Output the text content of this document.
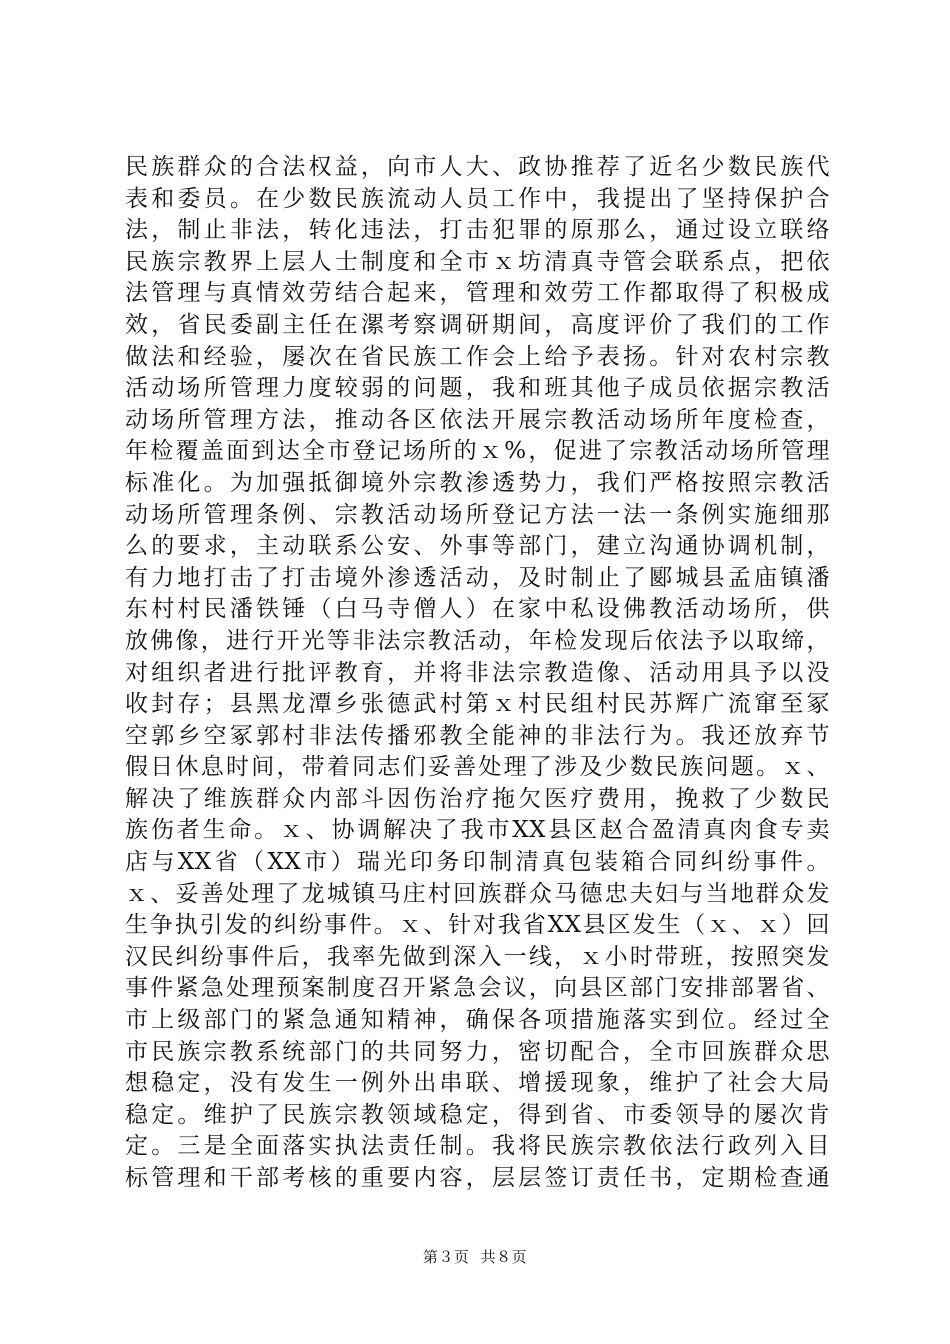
民族群众的合法权益，向市人大、政协推荐了近名少数民族代
表和委员。在少数民族流动人员工作中，我提出了坚持保护合
法，制止非法，转化违法，打击犯罪的原那么，通过设立联络
民族宗教界上层人士制度和全市ｘ坊清真寺管会联系点，把依
法管理与真情效劳结合起来，管理和效劳工作都取得了积极成
效，省民委副主任在漯考察调研期间，高度评价了我们的工作
做法和经验，屡次在省民族工作会上给予表扬。针对农村宗教
活动场所管理力度较弱的问题，我和班其他子成员依据宗教活
动场所管理方法，推动各区依法开展宗教活动场所年度检查，
年检覆盖面到达全市登记场所的ｘ%，促进了宗教活动场所管理
标准化。为加强抵御境外宗教渗透势力，我们严格按照宗教活
动场所管理条例、宗教活动场所登记方法一法一条例实施细那
么的要求，主动联系公安、外事等部门，建立沟通协调机制，
有力地打击了打击境外渗透活动，及时制止了郾城县孟庙镇潘
东村村民潘铁锤（白马寺僧人）在家中私设佛教活动场所，供
放佛像，进行开光等非法宗教活动，年检发现后依法予以取缔，
对组织者进行批评教育，并将非法宗教造像、活动用具予以没
收封存；县黑龙潭乡张德武村第ｘ村民组村民苏辉广流窜至冢
空郭乡空冢郭村非法传播邪教全能神的非法行为。我还放弃节
假日休息时间，带着同志们妥善处理了涉及少数民族问题。ｘ、
解决了维族群众内部斗因伤治疗拖欠医疗费用，挽救了少数民
族伤者生命。ｘ、协调解决了我市XX县区赵合盈清真肉食专卖
店与XX省（XX市）瑞光印务印制清真包装箱合同纠纷事件。
ｘ、妥善处理了龙城镇马庄村回族群众马德忠夫妇与当地群众发
生争执引发的纠纷事件。ｘ、针对我省XX县区发生（ｘ、ｘ）回
汉民纠纷事件后，我率先做到深入一线，ｘ小时带班，按照突发
事件紧急处理预案制度召开紧急会议，向县区部门安排部署省、
市上级部门的紧急通知精神，确保各项措施落实到位。经过全
市民族宗教系统部门的共同努力，密切配合，全市回族群众思
想稳定，没有发生一例外出串联、增援现象，维护了社会大局
稳定。维护了民族宗教领域稳定，得到省、市委领导的屡次肯
定。三是全面落实执法责任制。我将民族宗教依法行政列入目
标管理和干部考核的重要内容，层层签订责任书，定期检查通
第３页 共８页
